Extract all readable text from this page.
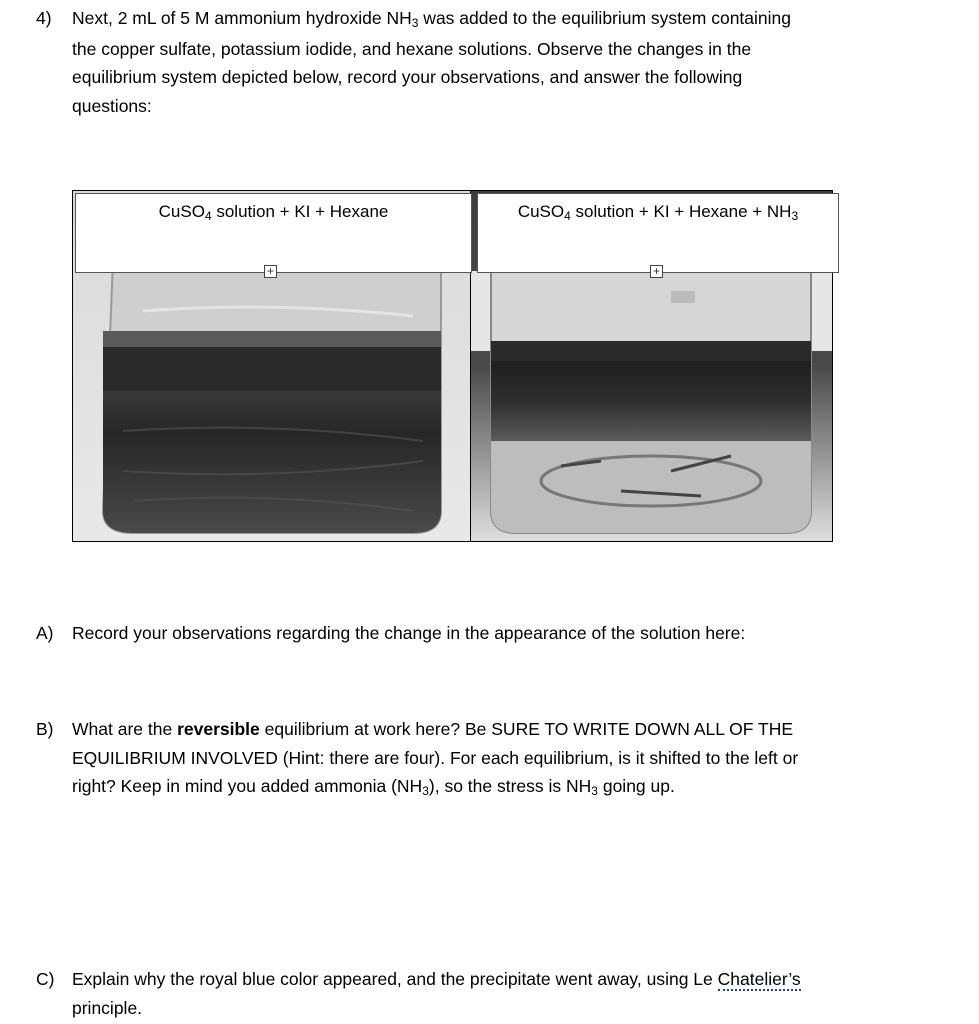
4) Next, 2 mL of 5 M ammonium hydroxide NH3 was added to the equilibrium system containing
the copper sulfate, potassium iodide, and hexane solutions. Observe the changes in the
equilibrium system depicted below, record your observations, and answer the following
questions:
CuSO4 solution + KI + Hexane	CuSO4 solution + KI + Hexane + NH3
+	+
A) Record your observations regarding the change in the appearance of the solution here:
B) What are the reversible equilibrium at work here? Be SURE TO WRITE DOWN ALL OF THE
EQUILIBRIUM INVOLVED (Hint: there are four). For each equilibrium, is it shifted to the left or
right? Keep in mind you added ammonia (NH3), so the stress is NH3 going up.
C) Explain why the royal blue color appeared, and the precipitate went away, using Le Chatelier’s
principle.
